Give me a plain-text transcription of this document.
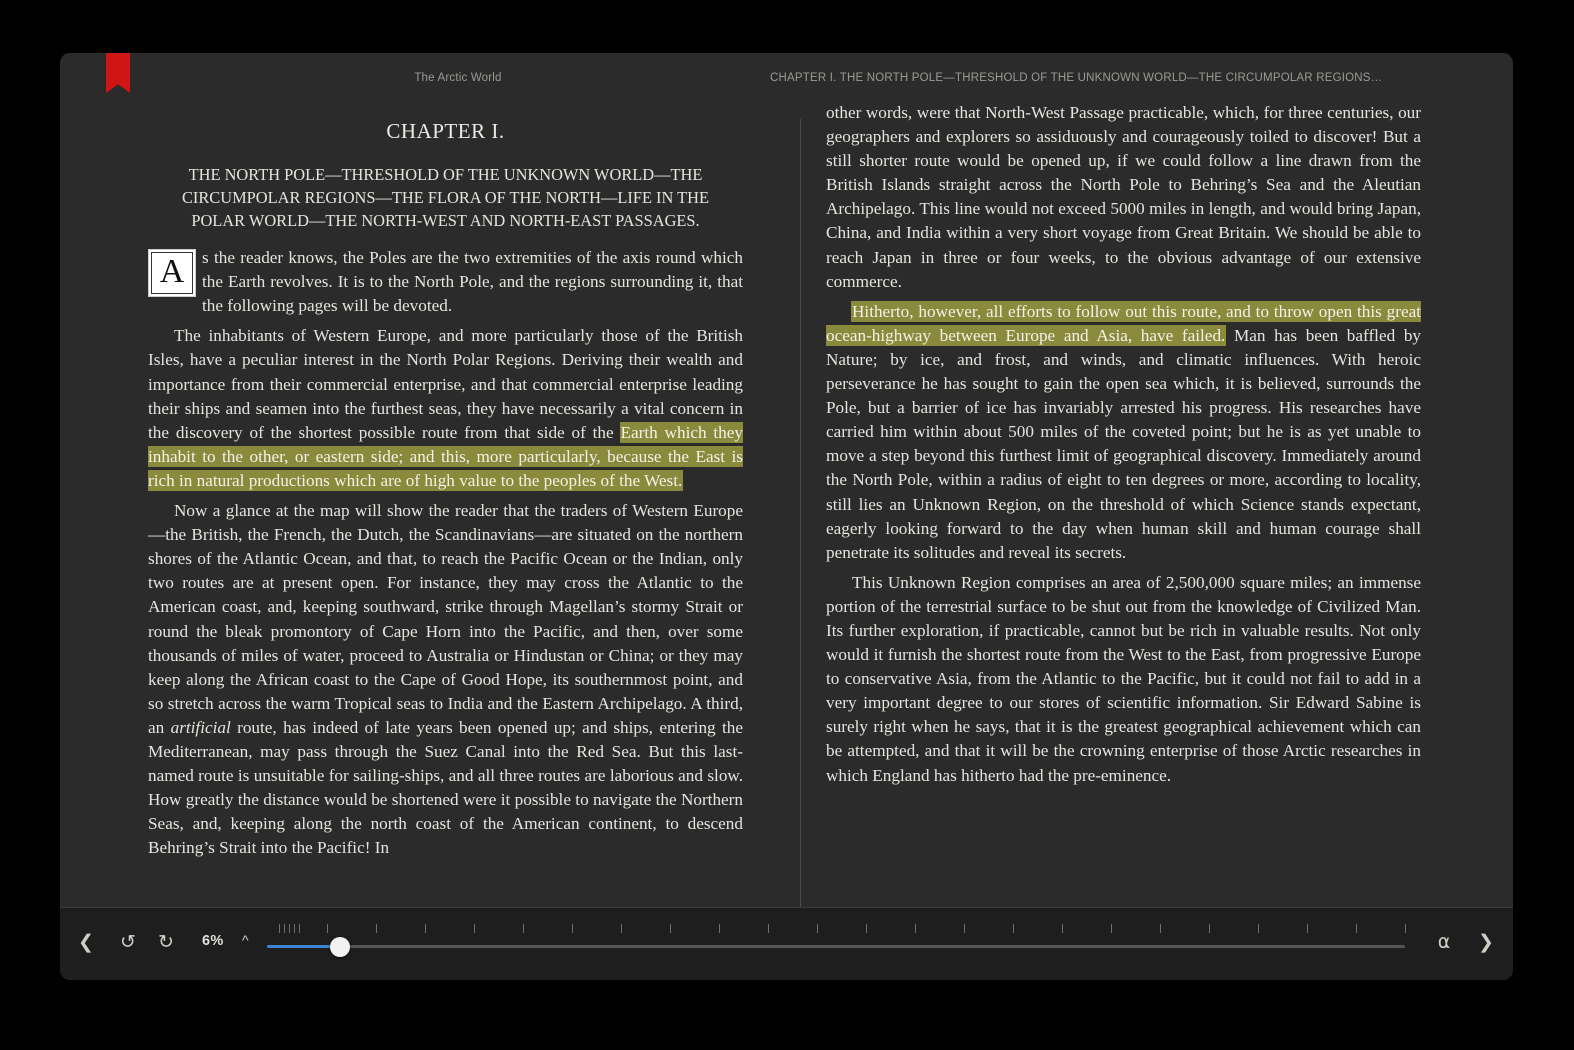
The Arctic World	CHAPTER I. THE NORTH POLE—THRESHOLD OF THE UNKNOWN WORLD—THE CIRCUMPOLAR REGIONS…
CHAPTER I.
THE NORTH POLE—THRESHOLD OF THE UNKNOWN WORLD—THE CIRCUMPOLAR REGIONS—THE FLORA OF THE NORTH—LIFE IN THE POLAR WORLD—THE NORTH-WEST AND NORTH-EAST PASSAGES.

A	s the reader knows, the Poles are the two extremities of the axis round which the Earth revolves. It is to the North Pole, and the regions surrounding it, that the following pages will be devoted.

The inhabitants of Western Europe, and more particularly those of the British Isles, have a peculiar interest in the North Polar Regions. Deriving their wealth and importance from their commercial enterprise, and that commercial enterprise leading their ships and seamen into the furthest seas, they have necessarily a vital concern in the discovery of the shortest possible route from that side of the Earth which they inhabit to the other, or eastern side; and this, more particularly, because the East is rich in natural productions which are of high value to the peoples of the West.

Now a glance at the map will show the reader that the traders of Western Europe—the British, the French, the Dutch, the Scandinavians—are situated on the northern shores of the Atlantic Ocean, and that, to reach the Pacific Ocean or the Indian, only two routes are at present open. For instance, they may cross the Atlantic to the American coast, and, keeping southward, strike through Magellan’s stormy Strait or round the bleak promontory of Cape Horn into the Pacific, and then, over some thousands of miles of water, proceed to Australia or Hindustan or China; or they may keep along the African coast to the Cape of Good Hope, its southernmost point, and so stretch across the warm Tropical seas to India and the Eastern Archipelago. A third, an artificial route, has indeed of late years been opened up; and ships, entering the Mediterranean, may pass through the Suez Canal into the Red Sea. But this last-named route is unsuitable for sailing-ships, and all three routes are laborious and slow. How greatly the distance would be shortened were it possible to navigate the Northern Seas, and, keeping along the north coast of the American continent, to descend Behring’s Strait into the Pacific! In

other words, were that North-West Passage practicable, which, for three centuries, our geographers and explorers so assiduously and courageously toiled to discover! But a still shorter route would be opened up, if we could follow a line drawn from the British Islands straight across the North Pole to Behring’s Sea and the Aleutian Archipelago. This line would not exceed 5000 miles in length, and would bring Japan, China, and India within a very short voyage from Great Britain. We should be able to reach Japan in three or four weeks, to the obvious advantage of our extensive commerce.

Hitherto, however, all efforts to follow out this route, and to throw open this great ocean-highway between Europe and Asia, have failed. Man has been baffled by Nature; by ice, and frost, and winds, and climatic influences. With heroic perseverance he has sought to gain the open sea which, it is believed, surrounds the Pole, but a barrier of ice has invariably arrested his progress. His researches have carried him within about 500 miles of the coveted point; but he is as yet unable to move a step beyond this furthest limit of geographical discovery. Immediately around the North Pole, within a radius of eight to ten degrees or more, according to locality, still lies an Unknown Region, on the threshold of which Science stands expectant, eagerly looking forward to the day when human skill and human courage shall penetrate its solitudes and reveal its secrets.

This Unknown Region comprises an area of 2,500,000 square miles; an immense portion of the terrestrial surface to be shut out from the knowledge of Civilized Man. Its further exploration, if practicable, cannot but be rich in valuable results. Not only would it furnish the shortest route from the West to the East, from progressive Europe to conservative Asia, from the Atlantic to the Pacific, but it could not fail to add in a very important degree to our stores of scientific information. Sir Edward Sabine is surely right when he says, that it is the greatest geographical achievement which can be attempted, and that it will be the crowning enterprise of those Arctic researches in which England has hitherto had the pre-eminence.

❮	↺	↻	6% ^	⍺	❯
